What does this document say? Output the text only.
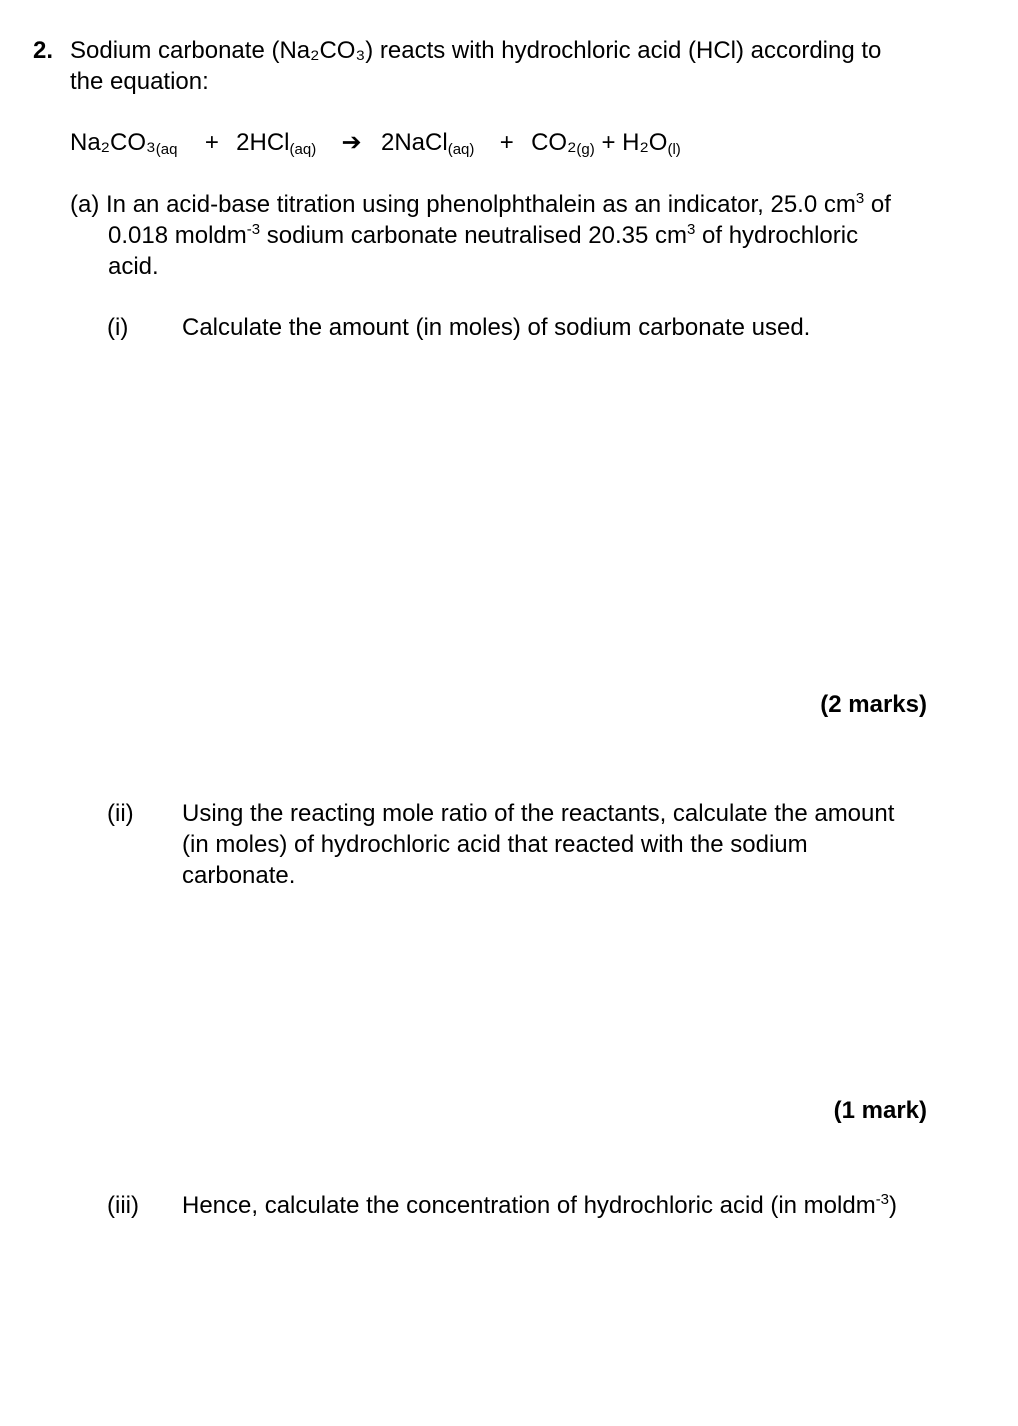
2. Sodium carbonate (Na₂CO₃) reacts with hydrochloric acid (HCl) according to
the equation:
$Na_2CO_3_{(aq} + 2HCl_{(aq)}$ ➔ 2NaCl$_{(aq)}$ + $CO_2_{(g)} + H_2O_{(l)}$
(a) In an acid-base titration using phenolphthalein as an indicator, 25.0 $cm^3$ of
0.018 moldm$^{-3}$ sodium carbonate neutralised 20.35 $cm^3$ of hydrochloric
acid.
(i) Calculate the amount (in moles) of sodium carbonate used.
(2 marks)
(ii) Using the reacting mole ratio of the reactants, calculate the amount
(in moles) of hydrochloric acid that reacted with the sodium
carbonate.
(1 mark)
(iii) Hence, calculate the concentration of hydrochloric acid (in moldm$^{-3}$)
